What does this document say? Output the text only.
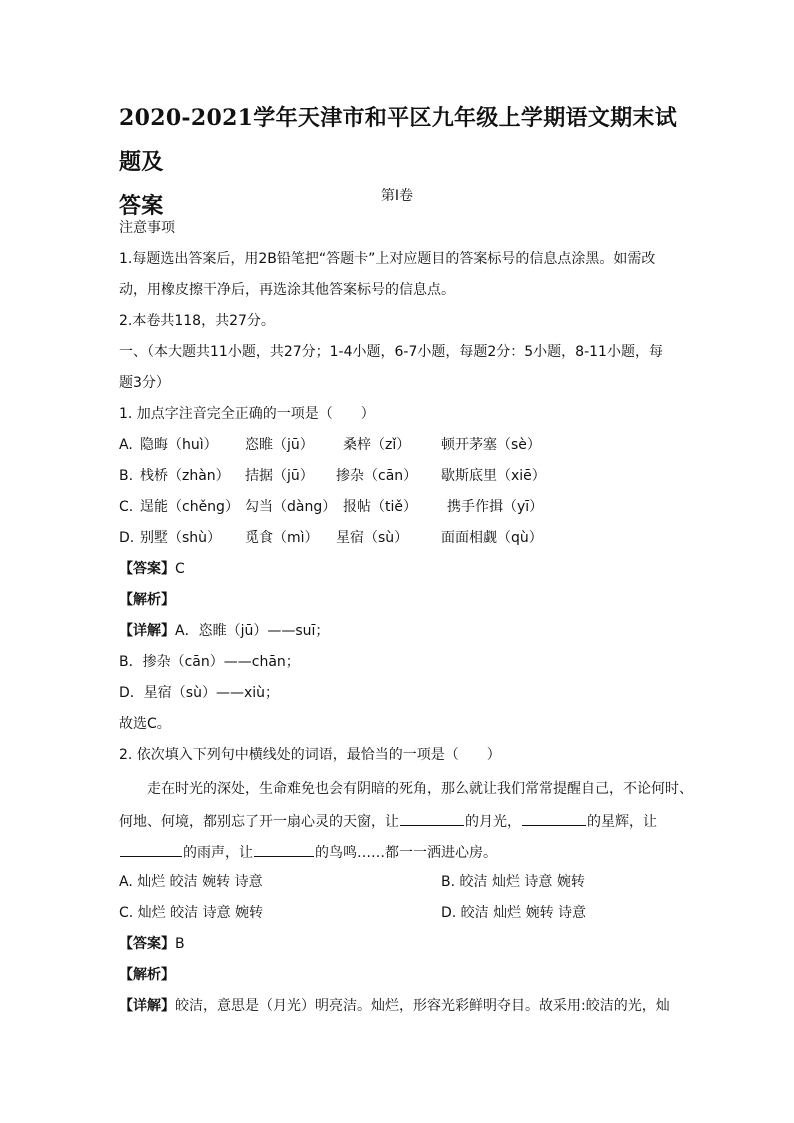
2020-2021学年天津市和平区九年级上学期语文期末试题及
答案	第Ⅰ卷
注意事项
1.每题选出答案后，用2B铅笔把“答题卡”上对应题目的答案标号的信息点涂黑。如需改
动，用橡皮擦干净后，再选涂其他答案标号的信息点。
2.本卷共118，共27分。
一、（本大题共11小题，共27分；1-4小题，6-7小题，每题2分：5小题，8-11小题，每
题3分）
1. 加点字注音完全正确的一项是（　　）
A. 隐晦（huì） 恣睢（jū） 桑梓（zǐ） 顿开茅塞（sè）
B. 栈桥（zhàn） 拮据（jū） 掺杂（cān） 歇斯底里（xiē）
C. 逞能（chěng） 勾当（dàng） 报帖（tiě） 携手作揖（yī）
D. 别墅（shù） 觅食（mì） 星宿（sù） 面面相觑（qù）
【答案】C
【解析】
【详解】A．恣睢（jū）——suī；
B．掺杂（cān）——chān；
D．星宿（sù）——xiù；
故选C。
2. 依次填入下列句中横线处的词语，最恰当的一项是（　　）
走在时光的深处，生命难免也会有阴暗的死角，那么就让我们常常提醒自己，不论何时、
何地、何境，都别忘了开一扇心灵的天窗，让	的月光，	的星辉，让
的雨声，让	的鸟鸣……都一一洒进心房。
A. 灿烂 皎洁 婉转 诗意	B. 皎洁 灿烂 诗意 婉转
C. 灿烂 皎洁 诗意 婉转	D. 皎洁 灿烂 婉转 诗意
【答案】B
【解析】
【详解】皎洁，意思是（月光）明亮洁。灿烂，形容光彩鲜明夺目。故采用:皎洁的光，灿
